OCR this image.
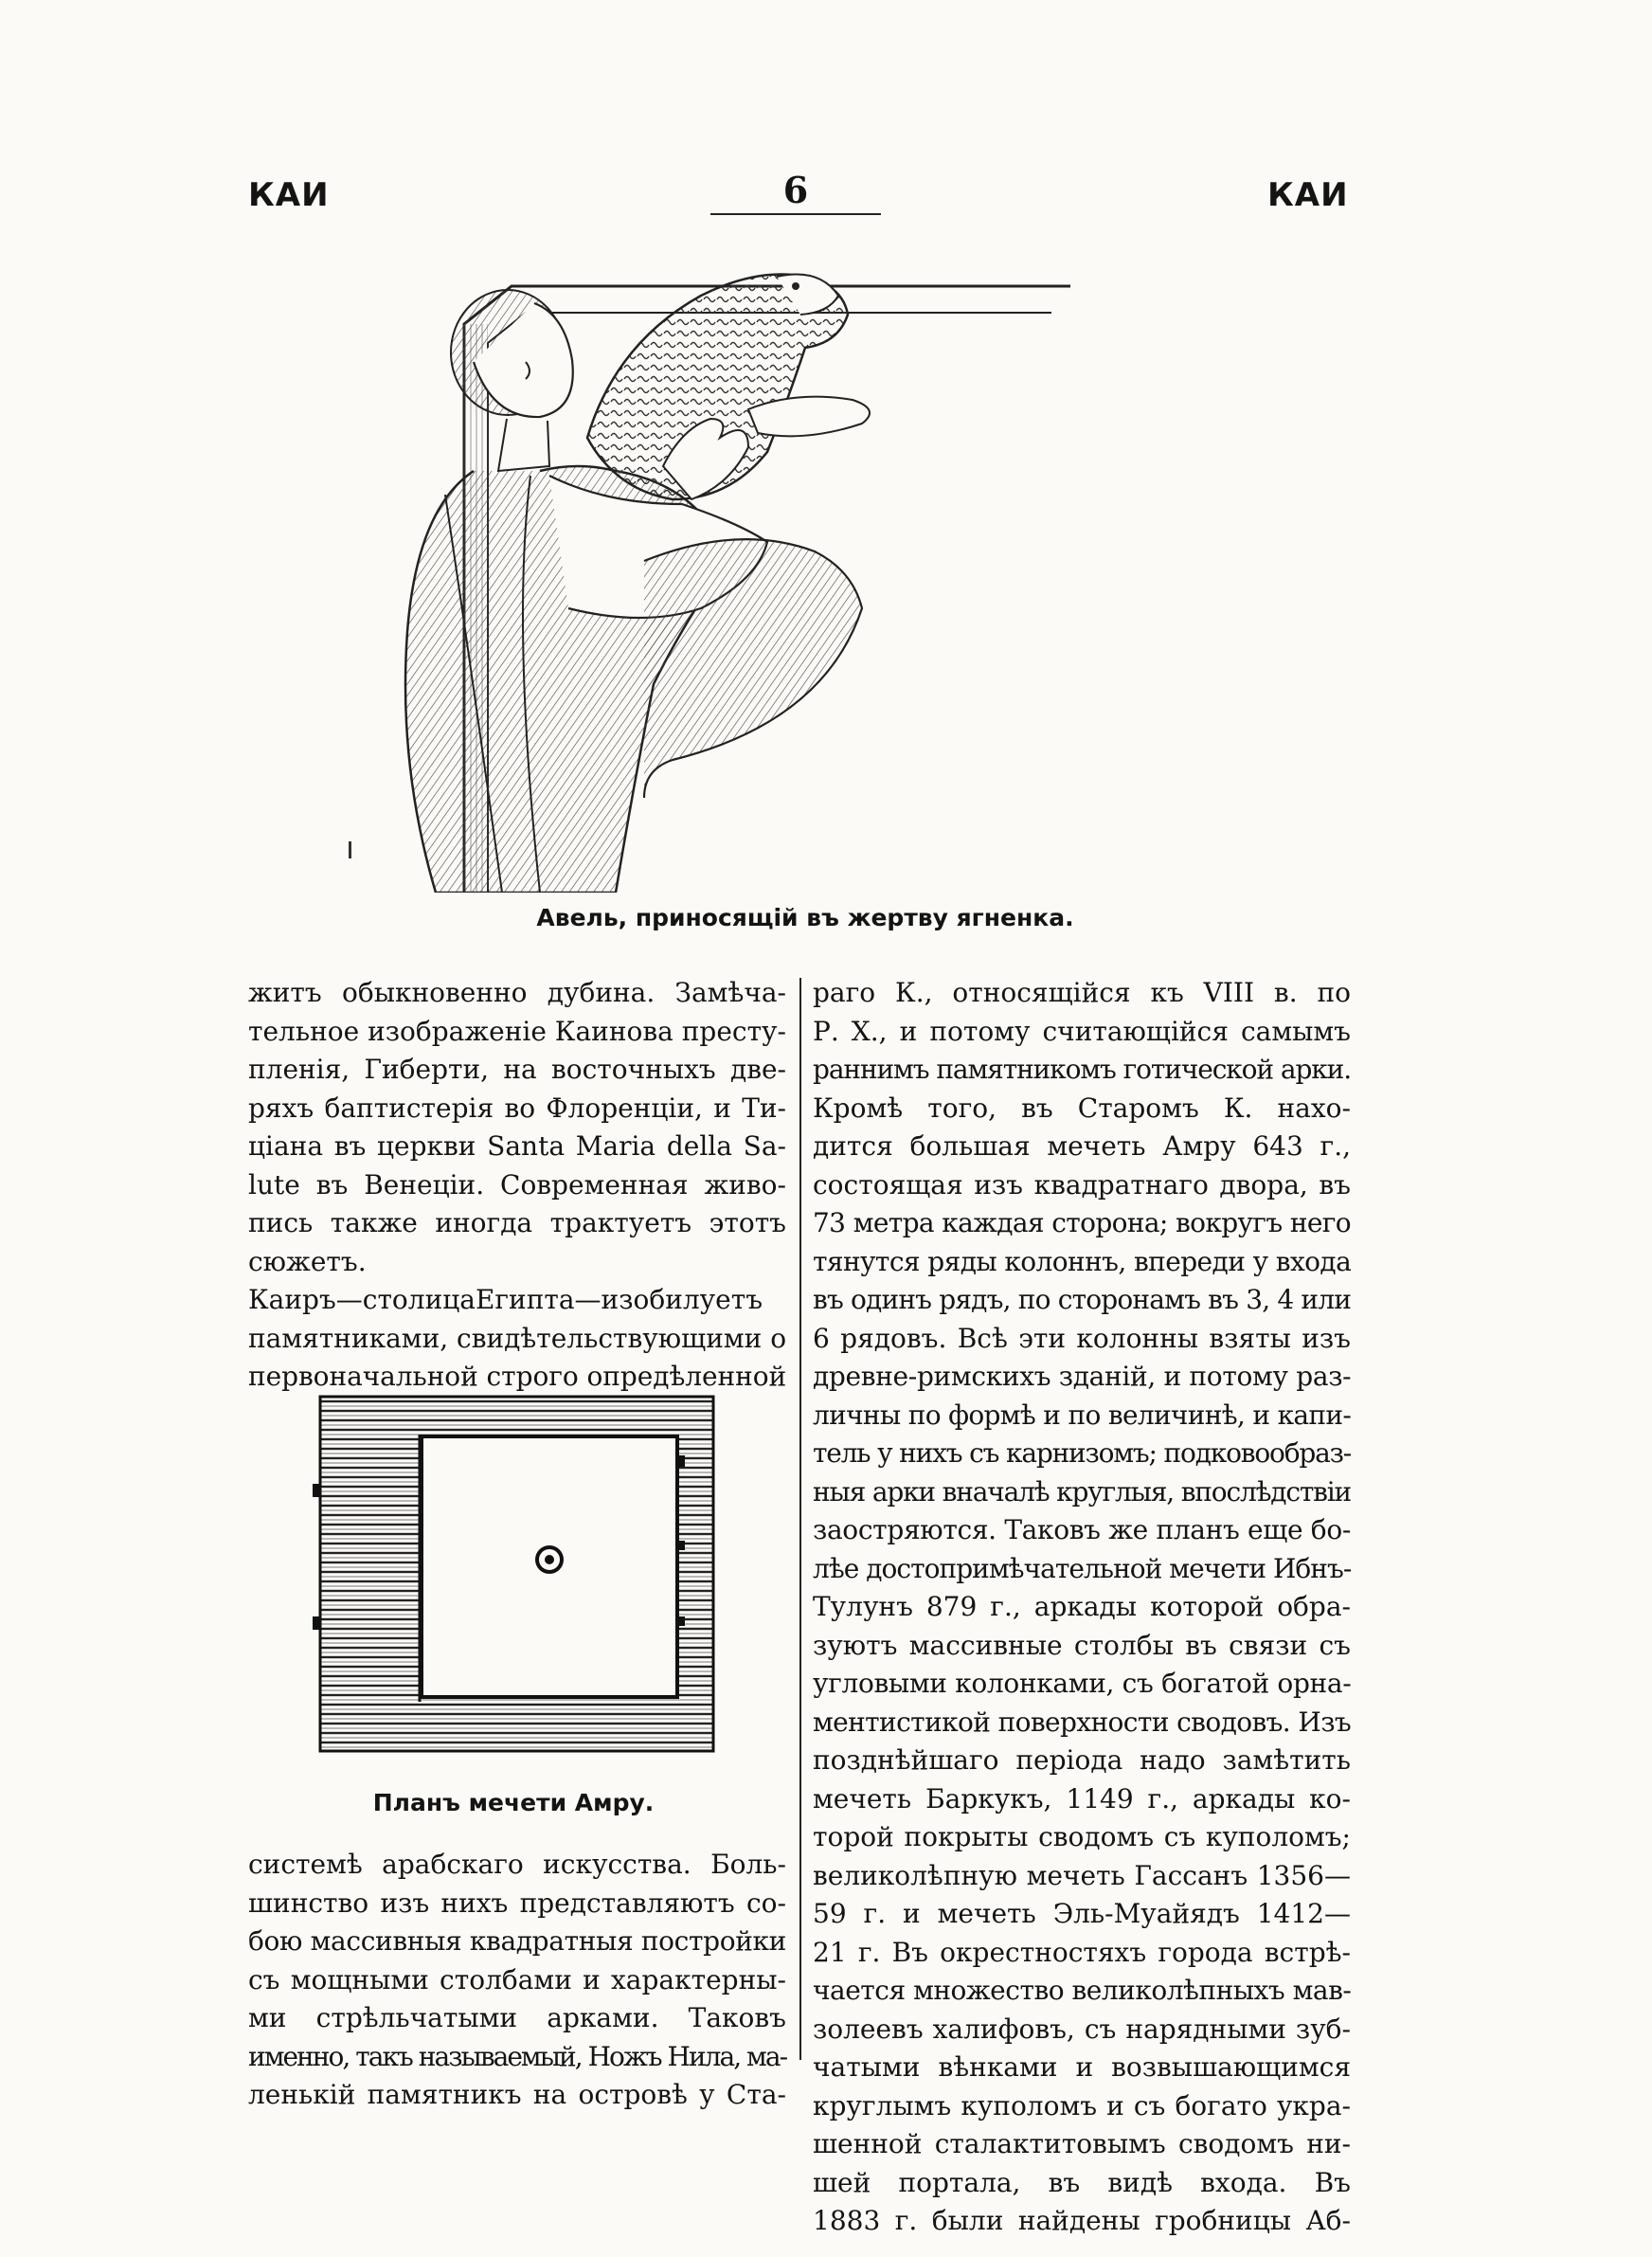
КАИ	6	КАИ
Авель, приносящій въ жертву ягненка.
житъ обыкновенно дубина. Замѣча-
тельное изображеніе Каинова престу-
пленія, Гиберти, на восточныхъ две-
ряхъ баптистерія во Флоренціи, и Ти-
ціана въ церкви Santa Maria della Sa-
lute въ Венеціи. Современная живо-
пись также иногда трактуетъ этотъ
сюжетъ.
Каиръ—столицаЕгипта—изобилуетъ
памятниками, свидѣтельствующими о
первоначальной строго опредѣленной
Планъ мечети Амру.
системѣ арабскаго искусства. Боль-
шинство изъ нихъ представляютъ со-
бою массивныя квадратныя постройки
съ мощными столбами и характерны-
ми стрѣльчатыми арками. Таковъ
именно, такъ называемый, Ножъ Нила, ма-
ленькій памятникъ на островѣ у Ста-
раго К., относящійся къ VIII в. по
Р. Х., и потому считающійся самымъ
раннимъ памятникомъ готической арки.
Кромѣ того, въ Старомъ К. нахо-
дится большая мечеть Амру 643 г.,
состоящая изъ квадратнаго двора, въ
73 метра каждая сторона; вокругъ него
тянутся ряды колоннъ, впереди у входа
въ одинъ рядъ, по сторонамъ въ 3, 4 или
6 рядовъ. Всѣ эти колонны взяты изъ
древне-римскихъ зданій, и потому раз-
личны по формѣ и по величинѣ, и капи-
тель у нихъ съ карнизомъ; подковообраз-
ныя арки вначалѣ круглыя, впослѣдствіи
заостряются. Таковъ же планъ еще бо-
лѣе достопримѣчательной мечети Ибнъ-
Тулунъ 879 г., аркады которой обра-
зуютъ массивные столбы въ связи съ
угловыми колонками, съ богатой орна-
ментистикой поверхности сводовъ. Изъ
позднѣйшаго періода надо замѣтить
мечеть Баркукъ, 1149 г., аркады ко-
торой покрыты сводомъ съ куполомъ;
великолѣпную мечеть Гассанъ 1356—
59 г. и мечеть Эль-Муайядъ 1412—
21 г. Въ окрестностяхъ города встрѣ-
чается множество великолѣпныхъ мав-
золеевъ халифовъ, съ нарядными зуб-
чатыми вѣнками и возвышающимся
круглымъ куполомъ и съ богато укра-
шенной сталактитовымъ сводомъ ни-
шей портала, въ видѣ входа. Въ
1883 г. были найдены гробницы Аб-
